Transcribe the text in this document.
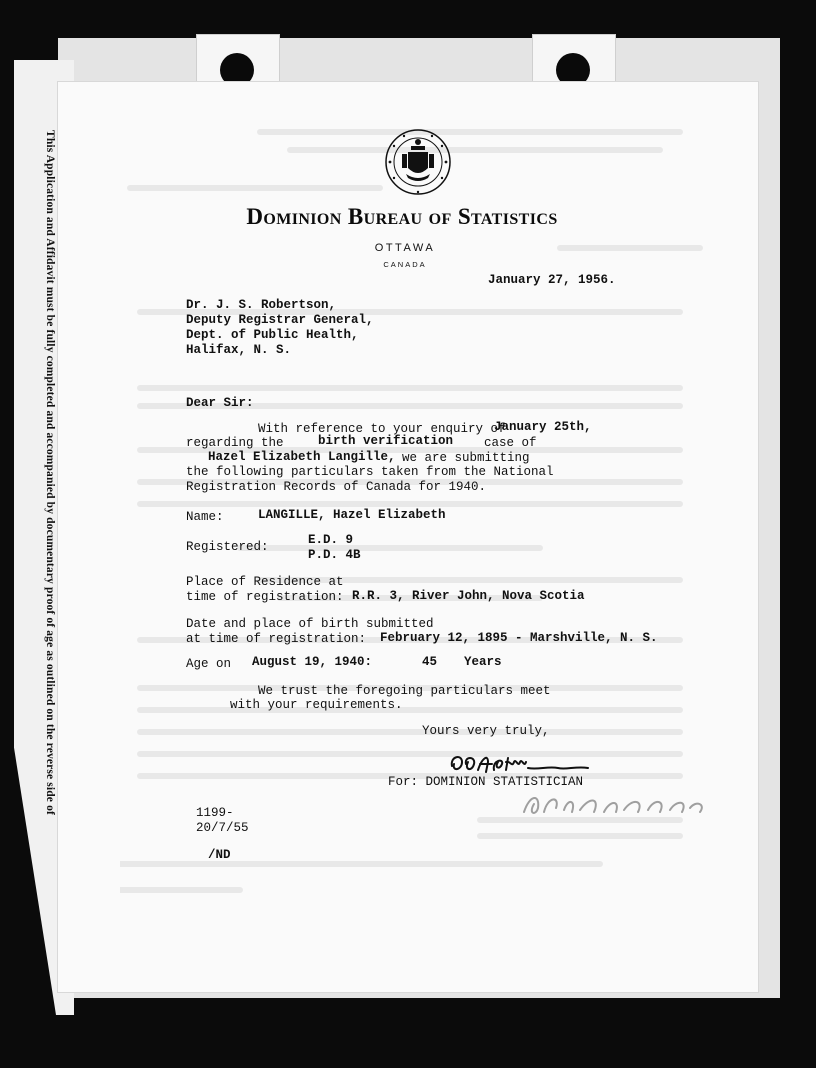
This Application and Affidavit must be fully completed and accompanied by documentary proof of age as outlined on the reverse side of	Dominion Bureau of Statistics
OTTAWA
CANADA
January 27, 1956.
Dr. J. S. Robertson,
Deputy Registrar General,
Dept. of Public Health,
Halifax, N. S.
Dear Sir:
With reference to your enquiry of
January 25th,
regarding the	birth verification case of
Hazel Elizabeth Langille, we are submitting
the following particulars taken from the National
Registration Records of Canada for 1940.
Name:	LANGILLE, Hazel Elizabeth
Registered:	E.D. 9
P.D. 4B
Place of Residence at
time of registration: R.R. 3, River John, Nova Scotia
Date and place of birth submitted
at time of registration: February 12, 1895 - Marshville, N. S.
Age on August 19, 1940:	45 Years
We trust the foregoing particulars meet
with your requirements.
Yours very truly,
For: DOMINION STATISTICIAN
1199-
20/7/55
/ND
